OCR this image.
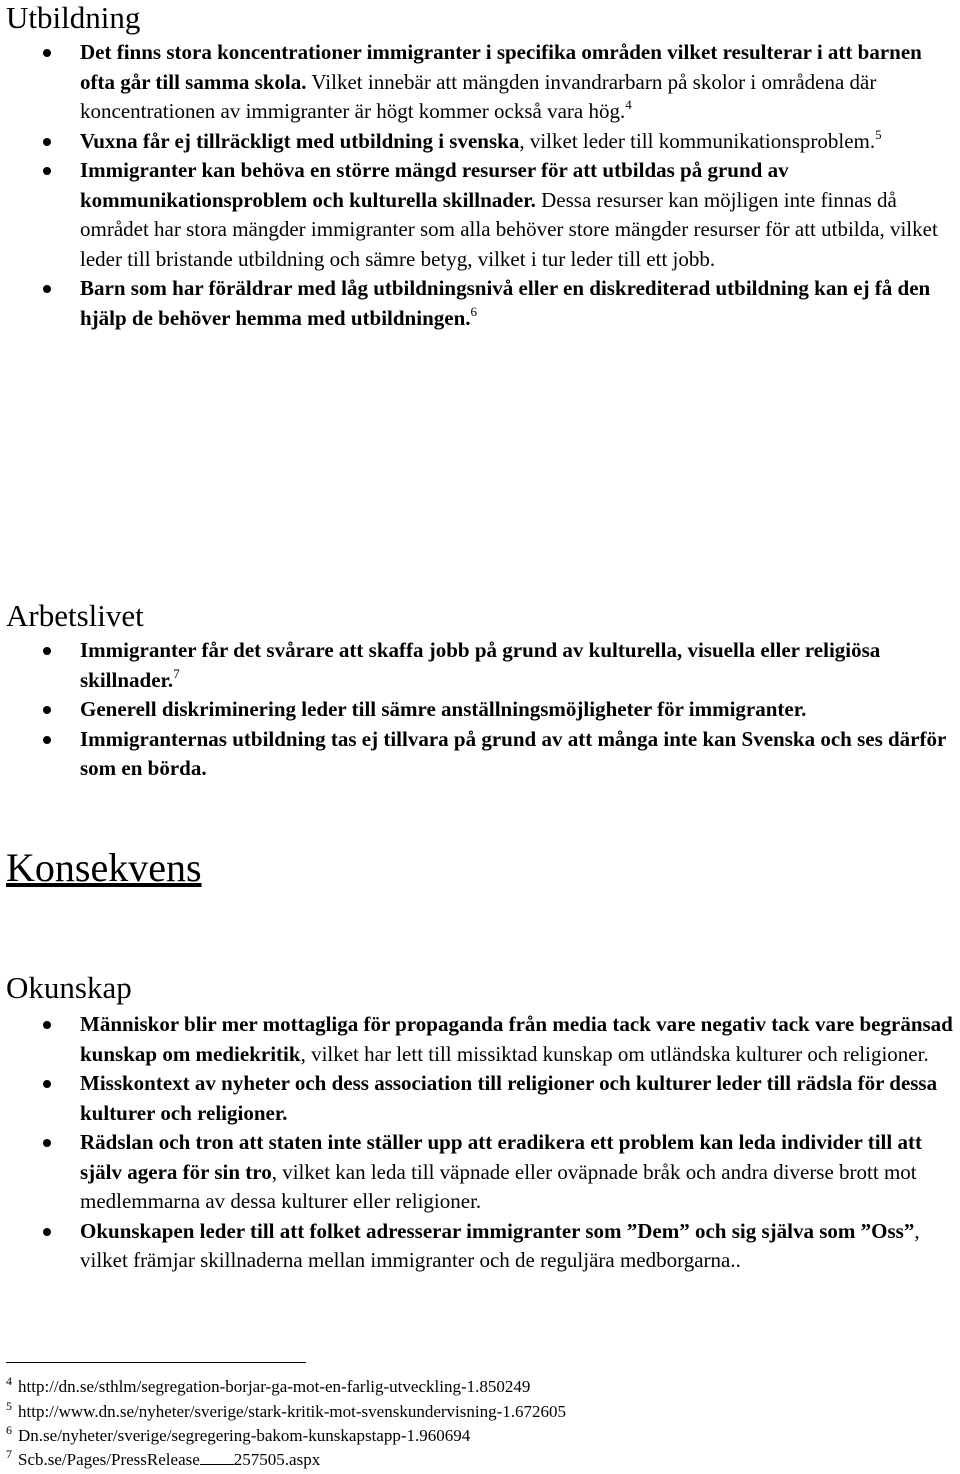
Utbildning
Det finns stora koncentrationer immigranter i specifika områden vilket resulterar i att barnen ofta går till samma skola. Vilket innebär att mängden invandrarbarn på skolor i områdena där koncentrationen av immigranter är högt kommer också vara hög.$^4$
Vuxna får ej tillräckligt med utbildning i svenska, vilket leder till kommunikationsproblem.$^5$
Immigranter kan behöva en större mängd resurser för att utbildas på grund av kommunikationsproblem och kulturella skillnader. Dessa resurser kan möjligen inte finnas då området har stora mängder immigranter som alla behöver store mängder resurser för att utbilda, vilket leder till bristande utbildning och sämre betyg, vilket i tur leder till ett jobb.
Barn som har föräldrar med låg utbildningsnivå eller en diskrediterad utbildning kan ej få den hjälp de behöver hemma med utbildningen.$^6$
Arbetslivet
Immigranter får det svårare att skaffa jobb på grund av kulturella, visuella eller religiösa skillnader.$^7$
Generell diskriminering leder till sämre anställningsmöjligheter för immigranter.
Immigranternas utbildning tas ej tillvara på grund av att många inte kan Svenska och ses därför som en börda.
Konsekvens
Okunskap
Människor blir mer mottagliga för propaganda från media tack vare negativ tack vare begränsad kunskap om mediekritik, vilket har lett till missiktad kunskap om utländska kulturer och religioner.
Misskontext av nyheter och dess association till religioner och kulturer leder till rädsla för dessa kulturer och religioner.
Rädslan och tron att staten inte ställer upp att eradikera ett problem kan leda individer till att själv agera för sin tro, vilket kan leda till väpnade eller oväpnade bråk och andra diverse brott mot medlemmarna av dessa kulturer eller religioner.
Okunskapen leder till att folket adresserar immigranter som ”Dem” och sig själva som ”Oss”, vilket främjar skillnaderna mellan immigranter och de reguljära medborgarna..
$^4$ http://dn.se/sthlm/segregation-borjar-ga-mot-en-farlig-utveckling-1.850249
$^5$ http://www.dn.se/nyheter/sverige/stark-kritik-mot-svenskundervisning-1.672605
$^6$ Dn.se/nyheter/sverige/segregering-bakom-kunskapstapp-1.960694
$^7$ Scb.se/Pages/PressRelease 257505.aspx
